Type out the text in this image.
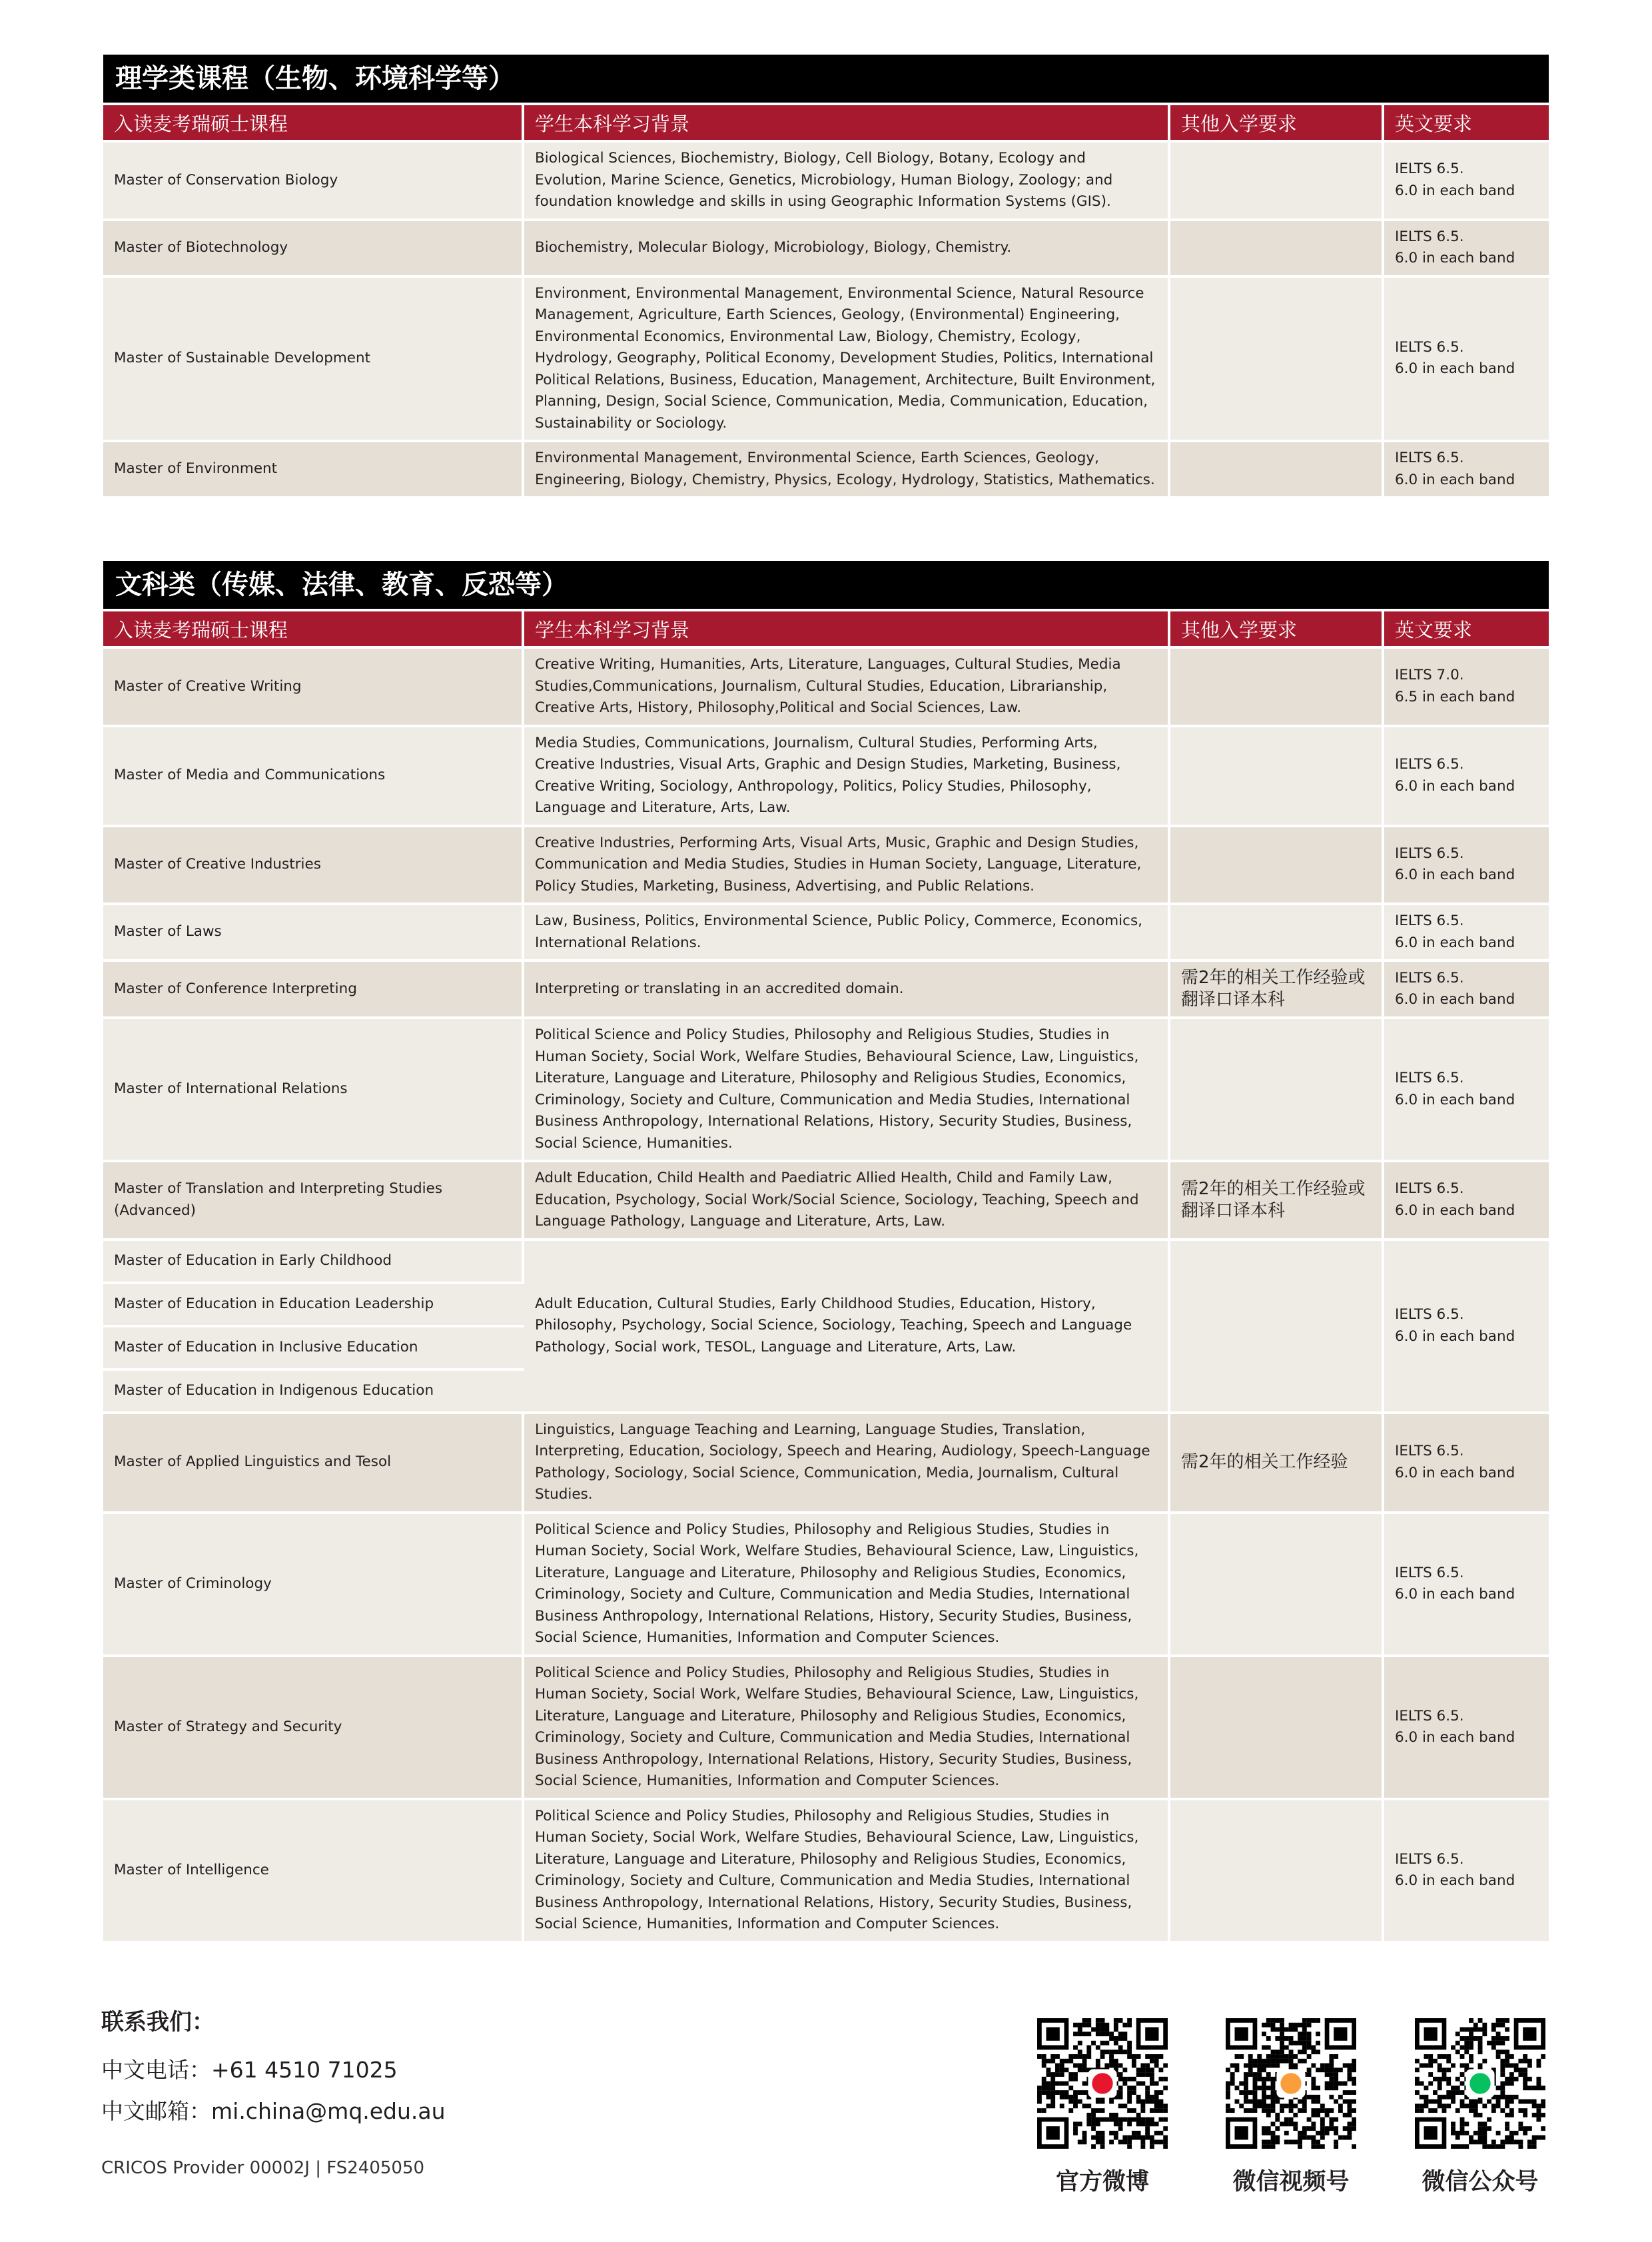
理学类课程（生物、环境科学等）
入读麦考瑞硕士课程	学生本科学习背景	其他入学要求	英文要求
Master of Conservation Biology	Biological Sciences, Biochemistry, Biology, Cell Biology, Botany, Ecology and Evolution, Marine Science, Genetics, Microbiology, Human Biology, Zoology; and foundation knowledge and skills in using Geographic Information Systems (GIS).		IELTS 6.5.
6.0 in each band
Master of Biotechnology	Biochemistry, Molecular Biology, Microbiology, Biology, Chemistry.		IELTS 6.5.
6.0 in each band
Master of Sustainable Development	Environment, Environmental Management, Environmental Science, Natural Resource Management, Agriculture, Earth Sciences, Geology, (Environmental) Engineering, Environmental Economics, Environmental Law, Biology, Chemistry, Ecology, Hydrology, Geography, Political Economy, Development Studies, Politics, International Political Relations, Business, Education, Management, Architecture, Built Environment, Planning, Design, Social Science, Communication, Media, Communication, Education, Sustainability or Sociology.		IELTS 6.5.
6.0 in each band
Master of Environment	Environmental Management, Environmental Science, Earth Sciences, Geology, Engineering, Biology, Chemistry, Physics, Ecology, Hydrology, Statistics, Mathematics.		IELTS 6.5.
6.0 in each band
文科类（传媒、法律、教育、反恐等）
入读麦考瑞硕士课程	学生本科学习背景	其他入学要求	英文要求
Master of Creative Writing	Creative Writing, Humanities, Arts, Literature, Languages, Cultural Studies, Media Studies,Communications, Journalism, Cultural Studies, Education, Librarianship, Creative Arts, History, Philosophy,Political and Social Sciences, Law.		IELTS 7.0.
6.5 in each band
Master of Media and Communications	Media Studies, Communications, Journalism, Cultural Studies, Performing Arts, Creative Industries, Visual Arts, Graphic and Design Studies, Marketing, Business, Creative Writing, Sociology, Anthropology, Politics, Policy Studies, Philosophy, Language and Literature, Arts, Law.		IELTS 6.5.
6.0 in each band
Master of Creative Industries	Creative Industries, Performing Arts, Visual Arts, Music, Graphic and Design Studies, Communication and Media Studies, Studies in Human Society, Language, Literature, Policy Studies, Marketing, Business, Advertising, and Public Relations.		IELTS 6.5.
6.0 in each band
Master of Laws	Law, Business, Politics, Environmental Science, Public Policy, Commerce, Economics, International Relations.		IELTS 6.5.
6.0 in each band
Master of Conference Interpreting	Interpreting or translating in an accredited domain.	需2年的相关工作经验或翻译口译本科	IELTS 6.5.
6.0 in each band
Master of International Relations	Political Science and Policy Studies, Philosophy and Religious Studies, Studies in Human Society, Social Work, Welfare Studies, Behavioural Science, Law, Linguistics, Literature, Language and Literature, Philosophy and Religious Studies, Economics, Criminology, Society and Culture, Communication and Media Studies, International Business Anthropology, International Relations, History, Security Studies, Business, Social Science, Humanities.		IELTS 6.5.
6.0 in each band
Master of Translation and Interpreting Studies (Advanced)	Adult Education, Child Health and Paediatric Allied Health, Child and Family Law, Education, Psychology, Social Work/Social Science, Sociology, Teaching, Speech and Language Pathology, Language and Literature, Arts, Law.	需2年的相关工作经验或翻译口译本科	IELTS 6.5.
6.0 in each band
Master of Education in Early Childhood	Adult Education, Cultural Studies, Early Childhood Studies, Education, History, Philosophy, Psychology, Social Science, Sociology, Teaching, Speech and Language Pathology, Social work, TESOL, Language and Literature, Arts, Law.		IELTS 6.5.
6.0 in each band
Master of Education in Education Leadership			
Master of Education in Inclusive Education			
Master of Education in Indigenous Education			
Master of Applied Linguistics and Tesol	Linguistics, Language Teaching and Learning, Language Studies, Translation, Interpreting, Education, Sociology, Speech and Hearing, Audiology, Speech-Language Pathology, Sociology, Social Science, Communication, Media, Journalism, Cultural Studies.	需2年的相关工作经验	IELTS 6.5.
6.0 in each band
Master of Criminology	Political Science and Policy Studies, Philosophy and Religious Studies, Studies in Human Society, Social Work, Welfare Studies, Behavioural Science, Law, Linguistics, Literature, Language and Literature, Philosophy and Religious Studies, Economics, Criminology, Society and Culture, Communication and Media Studies, International Business Anthropology, International Relations, History, Security Studies, Business, Social Science, Humanities, Information and Computer Sciences.		IELTS 6.5.
6.0 in each band
Master of Strategy and Security	Political Science and Policy Studies, Philosophy and Religious Studies, Studies in Human Society, Social Work, Welfare Studies, Behavioural Science, Law, Linguistics, Literature, Language and Literature, Philosophy and Religious Studies, Economics, Criminology, Society and Culture, Communication and Media Studies, International Business Anthropology, International Relations, History, Security Studies, Business, Social Science, Humanities, Information and Computer Sciences.		IELTS 6.5.
6.0 in each band
Master of Intelligence	Political Science and Policy Studies, Philosophy and Religious Studies, Studies in Human Society, Social Work, Welfare Studies, Behavioural Science, Law, Linguistics, Literature, Language and Literature, Philosophy and Religious Studies, Economics, Criminology, Society and Culture, Communication and Media Studies, International Business Anthropology, International Relations, History, Security Studies, Business, Social Science, Humanities, Information and Computer Sciences.		IELTS 6.5.
6.0 in each band
联系我们：
中文电话：+61 4510 71025
中文邮箱：mi.china@mq.edu.au
CRICOS Provider 00002J | FS2405050
官方微博	微信视频号	微信公众号
